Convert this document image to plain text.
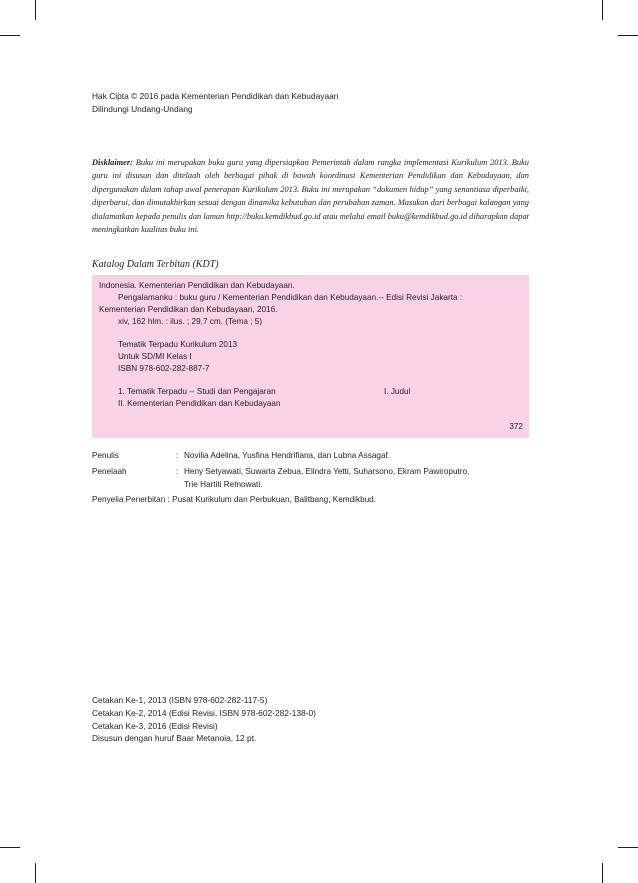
Hak Cipta © 2016 pada Kementerian Pendidikan dan Kebudayaan
Dilindungi Undang-Undang
Disklaimer: Buku ini merupakan buku guru yang dipersiapkan Pemerintah dalam rangka implementasi Kurikulum 2013. Buku guru ini disusun dan ditelaah oleh berbagai pihak di bawah koordinasi Kementerian Pendidikan dan Kebudayaan, dan dipergunakan dalam tahap awal penerapan Kurikulum 2013. Buku ini merupakan “dokumen hidup” yang senantiasa diperbaiki, diperbarui, dan dimutakhirkan sesuai dengan dinamika kebutuhan dan perubahan zaman. Masukan dari berbagai kalangan yang dialamatkan kepada penulis dan laman http://buku.kemdikbud.go.id atau melalui email buku@kemdikbud.go.id diharapkan dapat meningkatkan kualitas buku ini.
Katalog Dalam Terbitan (KDT)
Indonesia. Kementerian Pendidikan dan Kebudayaan.
Pengalamanku : buku guru / Kementerian Pendidikan dan Kebudayaan.-- Edisi Revisi Jakarta :
Kementerian Pendidikan dan Kebudayaan, 2016.
xiv, 162 hlm. : ilus. ; 29,7 cm. (Tema ; 5)
Tematik Terpadu Kurikulum 2013
Untuk SD/MI Kelas I
ISBN 978-602-282-887-7
1. Tematik Terpadu -- Studi dan Pengajaran	I. Judul
II. Kementerian Pendidikan dan Kebudayaan
372
Penulis	: Novilia Adelina, Yusfina Hendrifiana, dan Lubna Assagaf.
Penelaah	: Heny Setyawati, Suwarta Zebua, Elindra Yetti, Suharsono, Ekram Pawiroputro,
Trie Hartiti Retnowati.
Penyelia Penerbitan : Pusat Kurikulum dan Perbukuan, Balitbang, Kemdikbud.
Cetakan Ke-1, 2013 (ISBN 978-602-282-117-5)
Cetakan Ke-2, 2014 (Edisi Revisi, ISBN 978-602-282-138-0)
Cetakan Ke-3, 2016 (Edisi Revisi)
Disusun dengan huruf Baar Metanoia, 12 pt.
